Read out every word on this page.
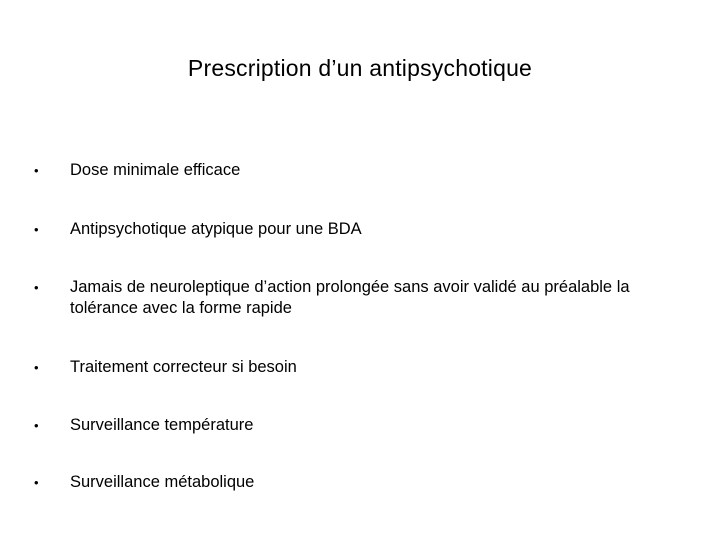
Prescription d’un antipsychotique
•	Dose minimale efficace
•	Antipsychotique atypique pour une BDA
•	Jamais de neuroleptique d’action prolongée sans avoir validé au préalable la tolérance avec la forme rapide
•	Traitement correcteur si besoin
•	Surveillance température
•	Surveillance métabolique
